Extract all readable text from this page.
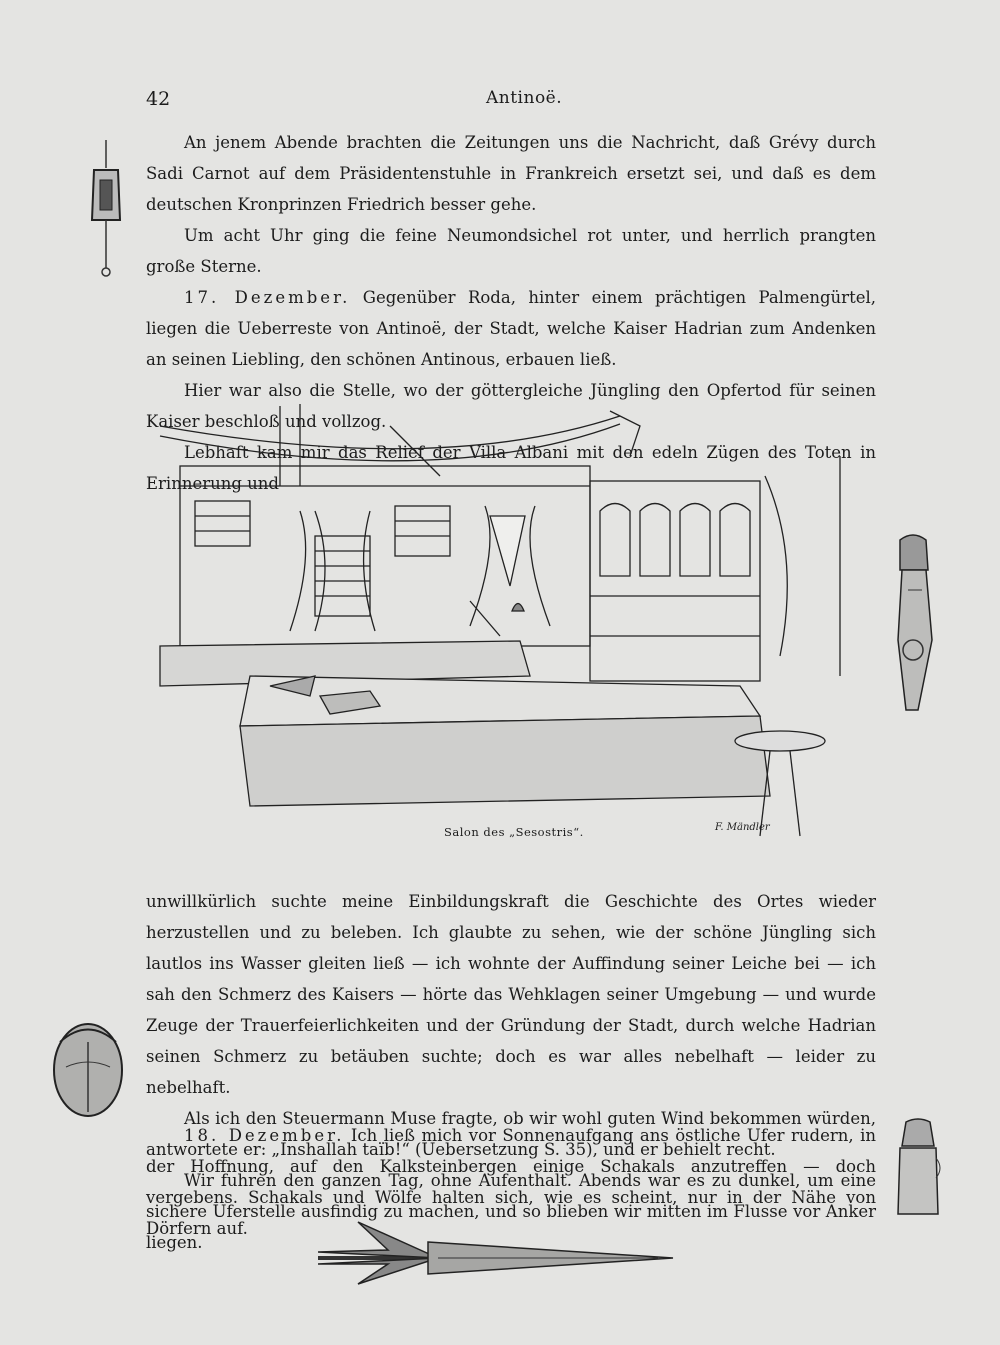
42	Antinoë.

An jenem Abende brachten die Zeitungen uns die Nachricht, daß Grévy durch Sadi Carnot auf dem Präsidentenstuhle in Frankreich ersetzt sei, und daß es dem deutschen Kronprinzen Friedrich besser gehe.

Um acht Uhr ging die feine Neumondsichel rot unter, und herrlich prangten große Sterne.

17. Dezember. Gegenüber Roda, hinter einem prächtigen Palmengürtel, liegen die Ueberreste von Antinoë, der Stadt, welche Kaiser Hadrian zum Andenken an seinen Liebling, den schönen Antinous, erbauen ließ.

Hier war also die Stelle, wo der göttergleiche Jüngling den Opfertod für seinen Kaiser beschloß und vollzog.

Lebhaft kam mir das Relief der Villa Albani mit den edeln Zügen des Toten in Erinnerung und

Salon des „Sesostris“.	F. Mändler

unwillkürlich suchte meine Einbildungskraft die Geschichte des Ortes wieder herzustellen und zu beleben. Ich glaubte zu sehen, wie der schöne Jüngling sich lautlos ins Wasser gleiten ließ — ich wohnte der Auffindung seiner Leiche bei — ich sah den Schmerz des Kaisers — hörte das Wehklagen seiner Umgebung — und wurde Zeuge der Trauerfeierlichkeiten und der Gründung der Stadt, durch welche Hadrian seinen Schmerz zu betäuben suchte; doch es war alles nebelhaft — leider zu nebelhaft.

Als ich den Steuermann Muse fragte, ob wir wohl guten Wind bekommen würden, antwortete er: „Inshallah taïb!“ (Uebersetzung S. 35), und er behielt recht.

Wir fuhren den ganzen Tag, ohne Aufenthalt. Abends war es zu dunkel, um eine sichere Uferstelle ausfindig zu machen, und so blieben wir mitten im Flusse vor Anker liegen.

18. Dezember. Ich ließ mich vor Sonnenaufgang ans östliche Ufer rudern, in der Hoffnung, auf den Kalksteinbergen einige Schakals anzutreffen — doch vergebens. Schakals und Wölfe halten sich, wie es scheint, nur in der Nähe von Dörfern auf.
